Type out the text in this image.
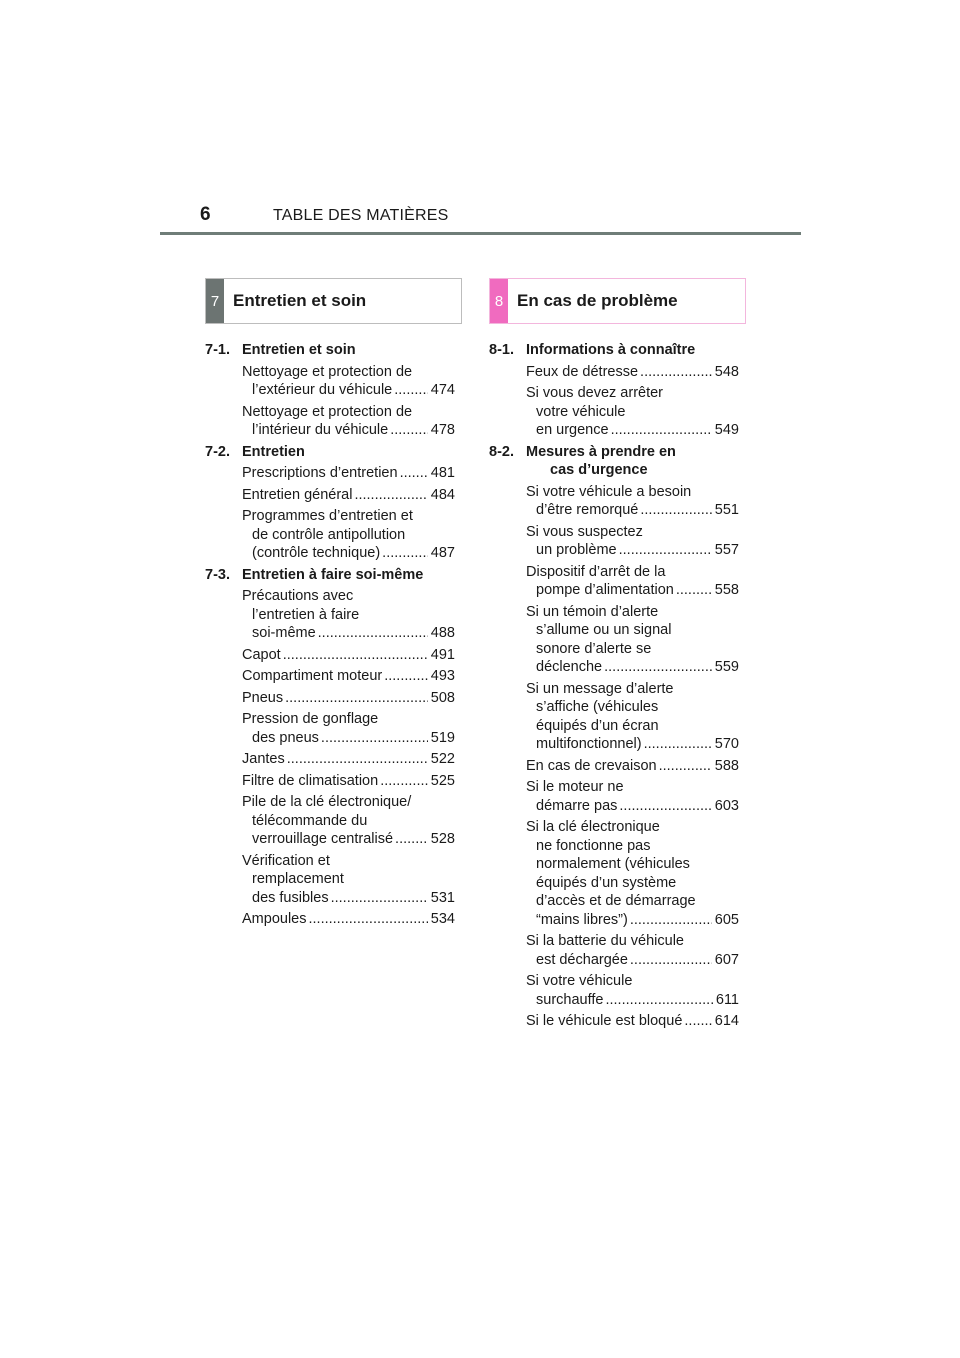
6	TABLE DES MATIÈRES
7 Entretien et soin	8 En cas de problème
7-1. Entretien et soin
Nettoyage et protection de
l’extérieur du véhicule .....	474
Nettoyage et protection de
l’intérieur du véhicule .....	478
7-2. Entretien
Prescriptions d’entretien ..... 481
Entretien général .....	484
Programmes d’entretien et
de contrôle antipollution
(contrôle technique) .....	487
7-3. Entretien à faire soi-même
Précautions avec
l’entretien à faire
soi-même .....	488
Capot .....	491
Compartiment moteur .....	493
Pneus .....	508
Pression de gonflage
des pneus .....	519
Jantes .....	522
Filtre de climatisation .....	525
Pile de la clé électronique/
télécommande du
verrouillage centralisé .....	528
Vérification et
remplacement
des fusibles .....	531
Ampoules .....	534
8-1. Informations à connaître
Feux de détresse .....	548
Si vous devez arrêter
votre véhicule
en urgence .....	549
8-2. Mesures à prendre en
cas d’urgence
Si votre véhicule a besoin
d’être remorqué .....	551
Si vous suspectez
un problème .....	557
Dispositif d’arrêt de la
pompe d’alimentation .....	558
Si un témoin d’alerte
s’allume ou un signal
sonore d’alerte se
déclenche .....	559
Si un message d’alerte
s’affiche (véhicules
équipés d’un écran
multifonctionnel) .....	570
En cas de crevaison .....	588
Si le moteur ne
démarre pas .....	603
Si la clé électronique
ne fonctionne pas
normalement (véhicules
équipés d’un système
d’accès et de démarrage
“mains libres”) .....	605
Si la batterie du véhicule
est déchargée .....	607
Si votre véhicule
surchauffe .....	611
Si le véhicule est bloqué ..... 614
